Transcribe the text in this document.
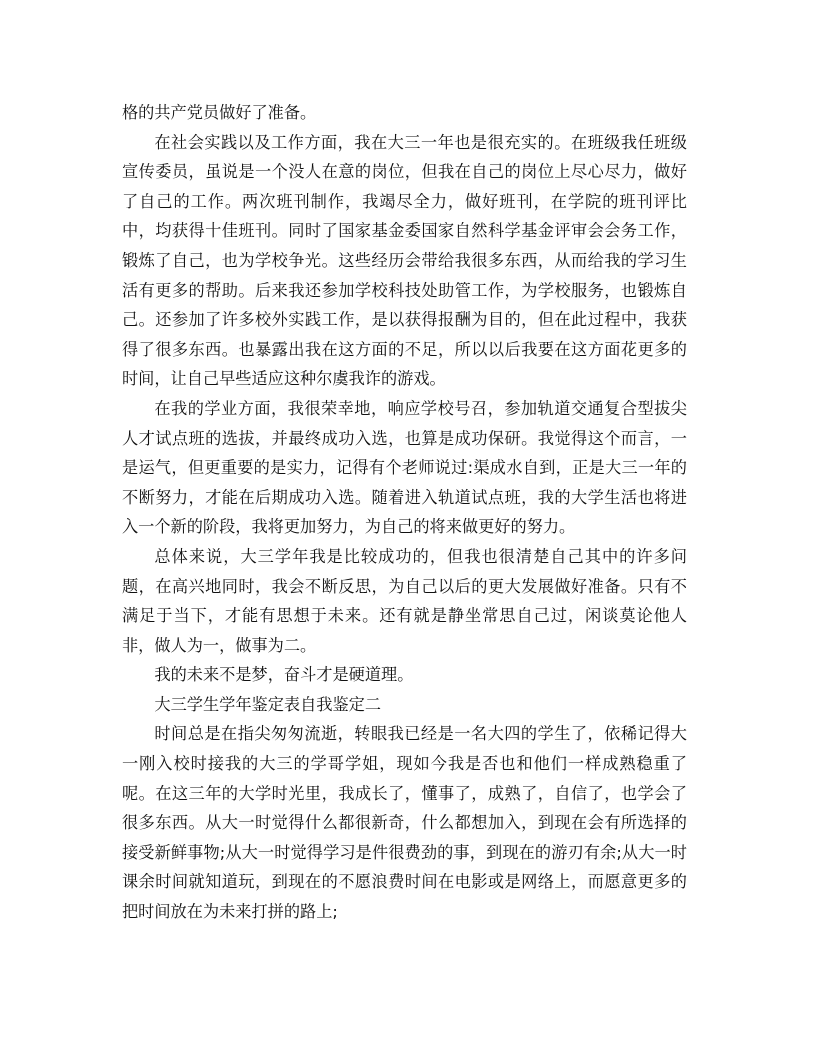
格的共产党员做好了准备。

在社会实践以及工作方面，我在大三一年也是很充实的。在班级我任班级宣传委员，虽说是一个没人在意的岗位，但我在自己的岗位上尽心尽力，做好了自己的工作。两次班刊制作，我竭尽全力，做好班刊，在学院的班刊评比中，均获得十佳班刊。同时了国家基金委国家自然科学基金评审会会务工作，锻炼了自己，也为学校争光。这些经历会带给我很多东西，从而给我的学习生活有更多的帮助。后来我还参加学校科技处助管工作，为学校服务，也锻炼自己。还参加了许多校外实践工作，是以获得报酬为目的，但在此过程中，我获得了很多东西。也暴露出我在这方面的不足，所以以后我要在这方面花更多的时间，让自己早些适应这种尔虞我诈的游戏。

在我的学业方面，我很荣幸地，响应学校号召，参加轨道交通复合型拔尖人才试点班的选拔，并最终成功入选，也算是成功保研。我觉得这个而言，一是运气，但更重要的是实力，记得有个老师说过:渠成水自到，正是大三一年的不断努力，才能在后期成功入选。随着进入轨道试点班，我的大学生活也将进入一个新的阶段，我将更加努力，为自己的将来做更好的努力。

总体来说，大三学年我是比较成功的，但我也很清楚自己其中的许多问题，在高兴地同时，我会不断反思，为自己以后的更大发展做好准备。只有不满足于当下，才能有思想于未来。还有就是静坐常思自己过，闲谈莫论他人非，做人为一，做事为二。

我的未来不是梦，奋斗才是硬道理。

大三学生学年鉴定表自我鉴定二

时间总是在指尖匆匆流逝，转眼我已经是一名大四的学生了，依稀记得大一刚入校时接我的大三的学哥学姐，现如今我是否也和他们一样成熟稳重了呢。在这三年的大学时光里，我成长了，懂事了，成熟了，自信了，也学会了很多东西。从大一时觉得什么都很新奇，什么都想加入，到现在会有所选择的接受新鲜事物;从大一时觉得学习是件很费劲的事，到现在的游刃有余;从大一时课余时间就知道玩，到现在的不愿浪费时间在电影或是网络上，而愿意更多的把时间放在为未来打拼的路上;
